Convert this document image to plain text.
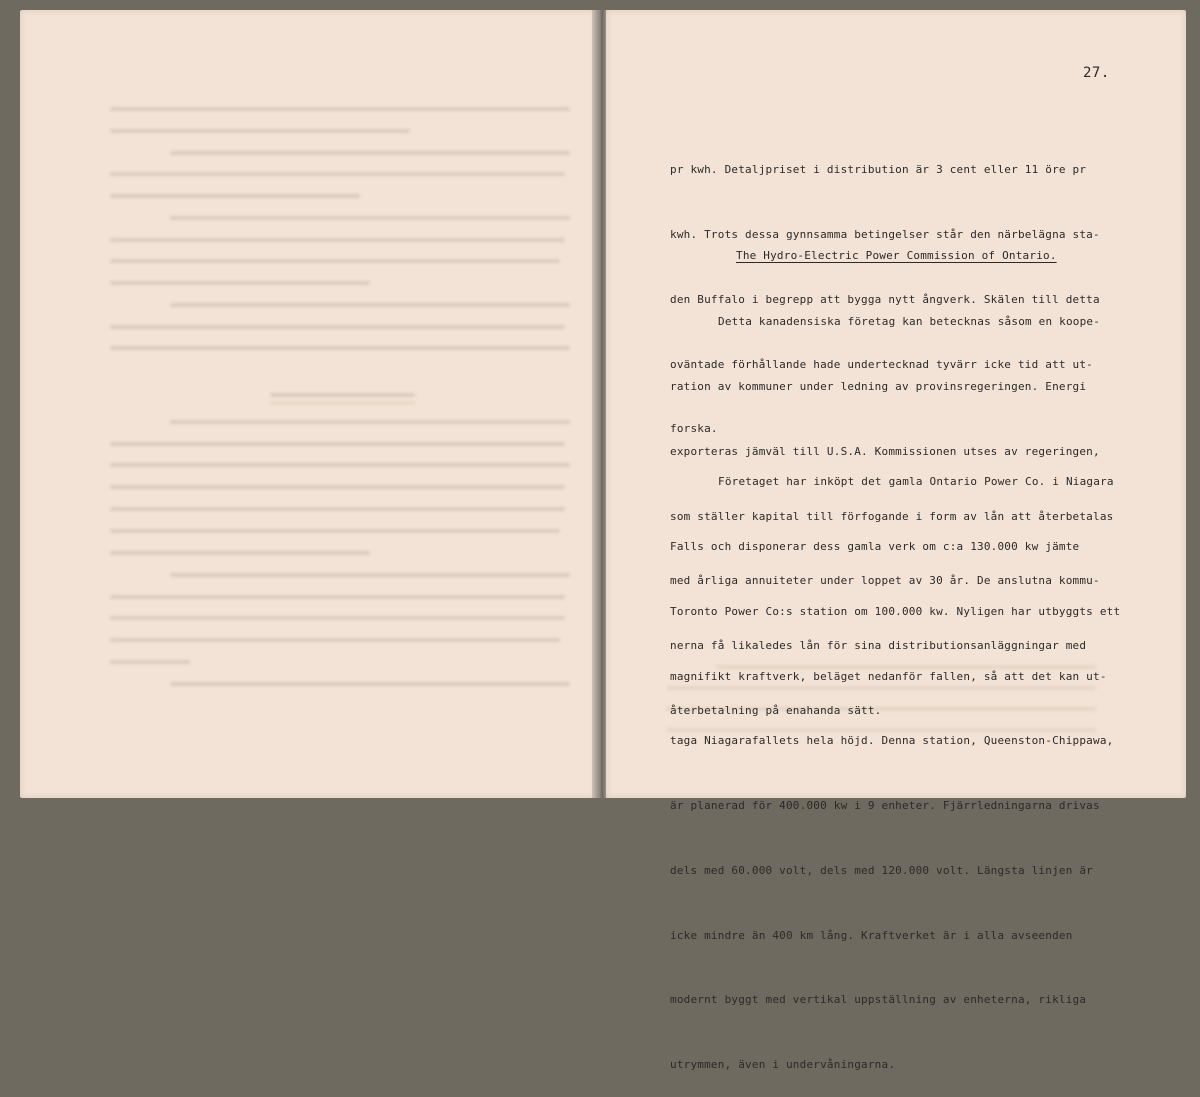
27.

pr kwh. Detaljpriset i distribution är 3 cent eller 11 öre pr

kwh. Trots dessa gynnsamma betingelser står den närbelägna sta-

den Buffalo i begrepp att bygga nytt ångverk. Skälen till detta

oväntade förhållande hade undertecknad tyvärr icke tid att ut-

forska.

The Hydro-Electric Power Commission of Ontario.

Detta kanadensiska företag kan betecknas såsom en koope-

ration av kommuner under ledning av provinsregeringen. Energi

exporteras jämväl till U.S.A. Kommissionen utses av regeringen,

som ställer kapital till förfogande i form av lån att återbetalas

med årliga annuiteter under loppet av 30 år. De anslutna kommu-

nerna få likaledes lån för sina distributionsanläggningar med

återbetalning på enahanda sätt.

Företaget har inköpt det gamla Ontario Power Co. i Niagara

Falls och disponerar dess gamla verk om c:a 130.000 kw jämte

Toronto Power Co:s station om 100.000 kw. Nyligen har utbyggts ett

magnifikt kraftverk, beläget nedanför fallen, så att det kan ut-

taga Niagarafallets hela höjd. Denna station, Queenston-Chippawa,

är planerad för 400.000 kw i 9 enheter. Fjärrledningarna drivas

dels med 60.000 volt, dels med 120.000 volt. Längsta linjen är

icke mindre än 400 km lång. Kraftverket är i alla avseenden

modernt byggt med vertikal uppställning av enheterna, rikliga

utrymmen, även i undervåningarna.
